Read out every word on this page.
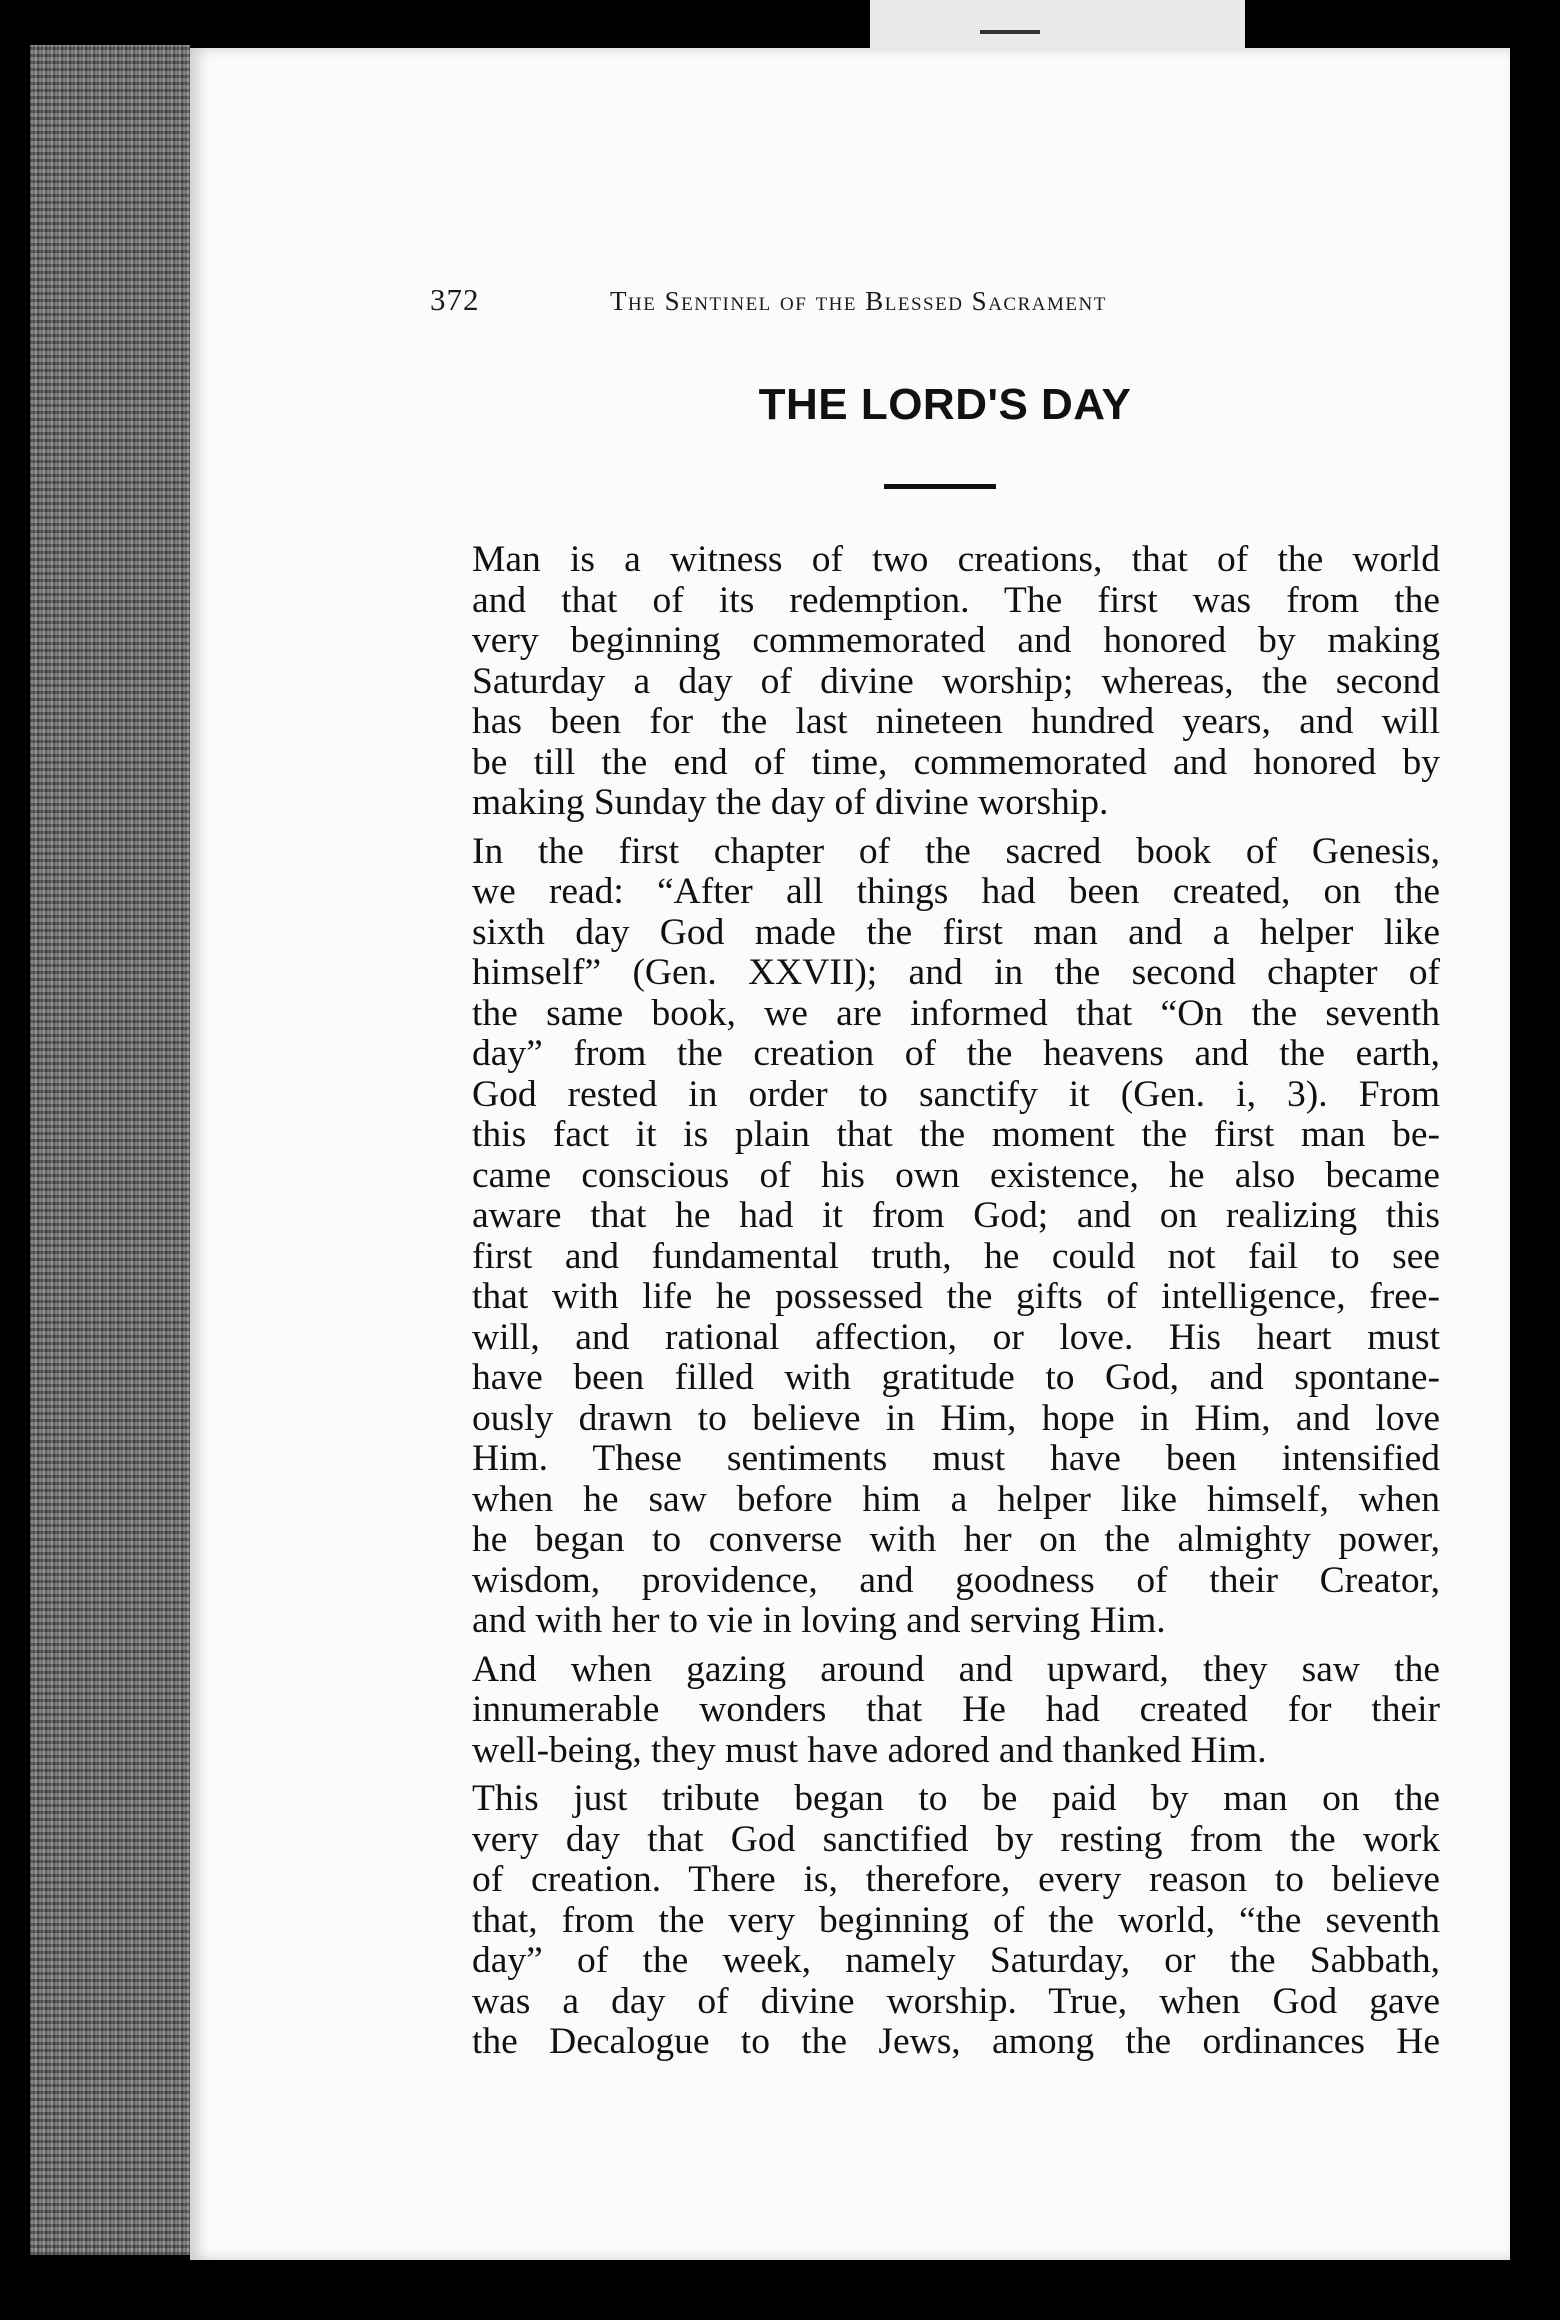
372	The Sentinel of the Blessed Sacrament
THE LORD'S DAY

Man is a witness of two creations, that of the world
and that of its redemption. The first was from the
very beginning commemorated and honored by making
Saturday a day of divine worship; whereas, the second
has been for the last nineteen hundred years, and will
be till the end of time, commemorated and honored by
making Sunday the day of divine worship.

In the first chapter of the sacred book of Genesis,
we read: “After all things had been created, on the
sixth day God made the first man and a helper like
himself” (Gen. XXVII); and in the second chapter of
the same book, we are informed that “On the seventh
day” from the creation of the heavens and the earth,
God rested in order to sanctify it (Gen. i, 3). From
this fact it is plain that the moment the first man be-
came conscious of his own existence, he also became
aware that he had it from God; and on realizing this
first and fundamental truth, he could not fail to see
that with life he possessed the gifts of intelligence, free-
will, and rational affection, or love. His heart must
have been filled with gratitude to God, and spontane-
ously drawn to believe in Him, hope in Him, and love
Him. These sentiments must have been intensified
when he saw before him a helper like himself, when
he began to converse with her on the almighty power,
wisdom, providence, and goodness of their Creator,
and with her to vie in loving and serving Him.

And when gazing around and upward, they saw the
innumerable wonders that He had created for their
well-being, they must have adored and thanked Him.

This just tribute began to be paid by man on the
very day that God sanctified by resting from the work
of creation. There is, therefore, every reason to believe
that, from the very beginning of the world, “the seventh
day” of the week, namely Saturday, or the Sabbath,
was a day of divine worship. True, when God gave
the Decalogue to the Jews, among the ordinances He
